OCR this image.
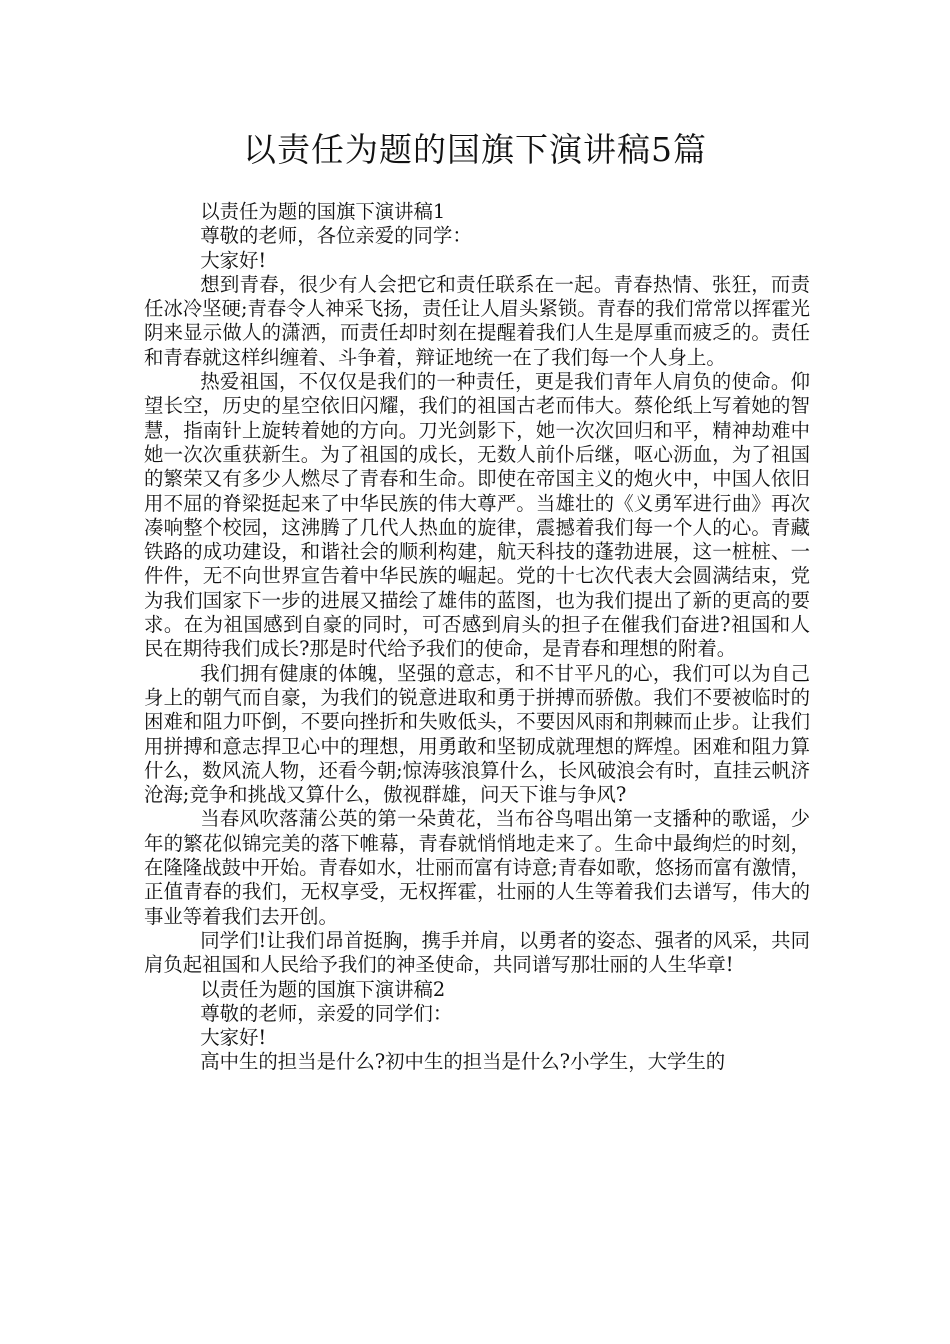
以责任为题的国旗下演讲稿5篇

以责任为题的国旗下演讲稿1

尊敬的老师，各位亲爱的同学：

大家好!

想到青春，很少有人会把它和责任联系在一起。青春热情、张狂，而责任冰冷坚硬;青春令人神采飞扬，责任让人眉头紧锁。青春的我们常常以挥霍光阴来显示做人的潇洒，而责任却时刻在提醒着我们人生是厚重而疲乏的。责任和青春就这样纠缠着、斗争着，辩证地统一在了我们每一个人身上。

热爱祖国，不仅仅是我们的一种责任，更是我们青年人肩负的使命。仰望长空，历史的星空依旧闪耀，我们的祖国古老而伟大。蔡伦纸上写着她的智慧，指南针上旋转着她的方向。刀光剑影下，她一次次回归和平，精神劫难中她一次次重获新生。为了祖国的成长，无数人前仆后继，呕心沥血，为了祖国的繁荣又有多少人燃尽了青春和生命。即使在帝国主义的炮火中，中国人依旧用不屈的脊梁挺起来了中华民族的伟大尊严。当雄壮的《义勇军进行曲》再次凑响整个校园，这沸腾了几代人热血的旋律，震撼着我们每一个人的心。青藏铁路的成功建设，和谐社会的顺利构建，航天科技的蓬勃进展，这一桩桩、一件件，无不向世界宣告着中华民族的崛起。党的十七次代表大会圆满结束，党为我们国家下一步的进展又描绘了雄伟的蓝图，也为我们提出了新的更高的要求。在为祖国感到自豪的同时，可否感到肩头的担子在催我们奋进?祖国和人民在期待我们成长?那是时代给予我们的使命，是青春和理想的附着。

我们拥有健康的体魄，坚强的意志，和不甘平凡的心，我们可以为自己身上的朝气而自豪，为我们的锐意进取和勇于拼搏而骄傲。我们不要被临时的困难和阻力吓倒，不要向挫折和失败低头，不要因风雨和荆棘而止步。让我们用拼搏和意志捍卫心中的理想，用勇敢和坚韧成就理想的辉煌。困难和阻力算什么，数风流人物，还看今朝;惊涛骇浪算什么，长风破浪会有时，直挂云帆济沧海;竞争和挑战又算什么，傲视群雄，问天下谁与争风?

当春风吹落蒲公英的第一朵黄花，当布谷鸟唱出第一支播种的歌谣，少年的繁花似锦完美的落下帷幕，青春就悄悄地走来了。生命中最绚烂的时刻，在隆隆战鼓中开始。青春如水，壮丽而富有诗意;青春如歌，悠扬而富有激情，正值青春的我们，无权享受，无权挥霍，壮丽的人生等着我们去谱写，伟大的事业等着我们去开创。

同学们!让我们昂首挺胸，携手并肩，以勇者的姿态、强者的风采，共同肩负起祖国和人民给予我们的神圣使命，共同谱写那壮丽的人生华章!

以责任为题的国旗下演讲稿2

尊敬的老师，亲爱的同学们：

大家好!

高中生的担当是什么?初中生的担当是什么?小学生，大学生的
